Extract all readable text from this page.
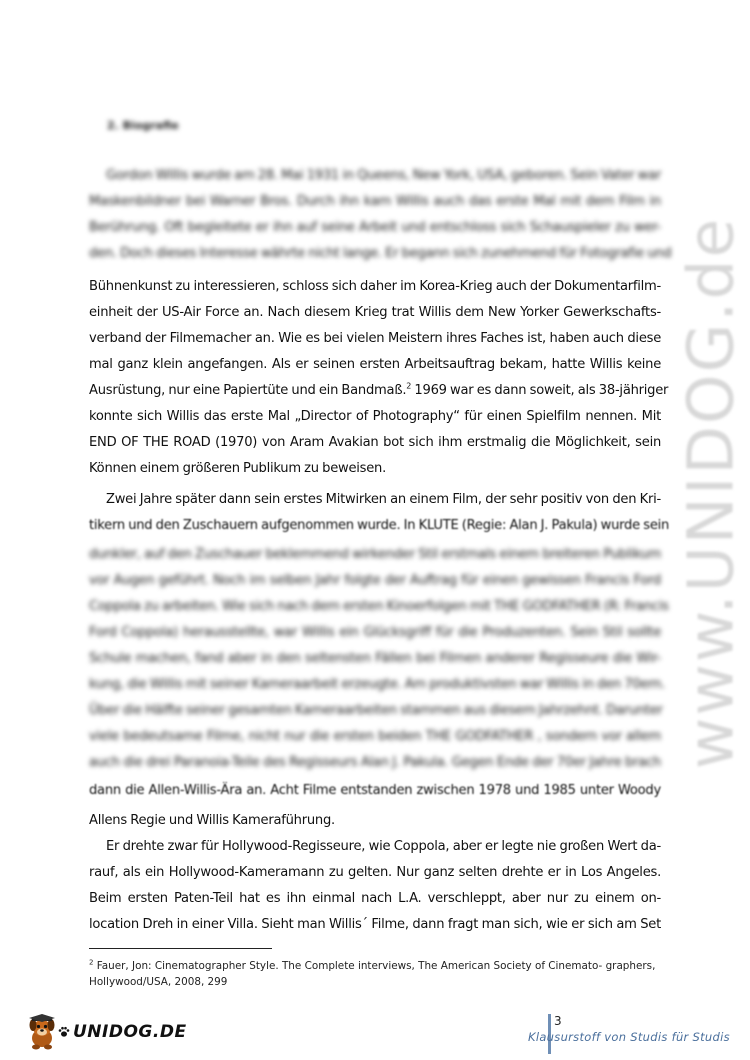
2. Biografie
Gordon Willis wurde am 28. Mai 1931 in Queens, New York, USA, geboren. Sein Vater war
Maskenbildner bei Warner Bros. Durch ihn kam Willis auch das erste Mal mit dem Film in
Berührung. Oft begleitete er ihn auf seine Arbeit und entschloss sich Schauspieler zu wer-
den. Doch dieses Interesse währte nicht lange. Er begann sich zunehmend für Fotografie und
Bühnenkunst zu interessieren, schloss sich daher im Korea-Krieg auch der Dokumentarfilm-
einheit der US-Air Force an. Nach diesem Krieg trat Willis dem New Yorker Gewerkschafts-
verband der Filmemacher an. Wie es bei vielen Meistern ihres Faches ist, haben auch diese
mal ganz klein angefangen. Als er seinen ersten Arbeitsauftrag bekam, hatte Willis keine
Ausrüstung, nur eine Papiertüte und ein Bandmaß.$^2$ 1969 war es dann soweit, als 38-jähriger
konnte sich Willis das erste Mal „Director of Photography“ für einen Spielfilm nennen. Mit
END OF THE ROAD (1970) von Aram Avakian bot sich ihm erstmalig die Möglichkeit, sein
Können einem größeren Publikum zu beweisen.
Zwei Jahre später dann sein erstes Mitwirken an einem Film, der sehr positiv von den Kri-
tikern und den Zuschauern aufgenommen wurde. In KLUTE (Regie: Alan J. Pakula) wurde sein
dunkler, auf den Zuschauer beklemmend wirkender Stil erstmals einem breiteren Publikum
vor Augen geführt. Noch im selben Jahr folgte der Auftrag für einen gewissen Francis Ford
Coppola zu arbeiten. Wie sich nach dem ersten Kinoerfolgen mit THE GODFATHER (R: Francis
Ford Coppola) herausstellte, war Willis ein Glücksgriff für die Produzenten. Sein Stil sollte
Schule machen, fand aber in den seltensten Fällen bei Filmen anderer Regisseure die Wir-
kung, die Willis mit seiner Kameraarbeit erzeugte. Am produktivsten war Willis in den 70ern.
Über die Hälfte seiner gesamten Kameraarbeiten stammen aus diesem Jahrzehnt. Darunter
viele bedeutsame Filme, nicht nur die ersten beiden THE GODFATHER , sondern vor allem
auch die drei Paranoia-Teile des Regisseurs Alan J. Pakula. Gegen Ende der 70er Jahre brach
dann die Allen-Willis-Ära an. Acht Filme entstanden zwischen 1978 und 1985 unter Woody
Allens Regie und Willis Kameraführung.
Er drehte zwar für Hollywood-Regisseure, wie Coppola, aber er legte nie großen Wert da-
rauf, als ein Hollywood-Kameramann zu gelten. Nur ganz selten drehte er in Los Angeles.
Beim ersten Paten-Teil hat es ihn einmal nach L.A. verschleppt, aber nur zu einem on-
location Dreh in einer Villa. Sieht man Willis´ Filme, dann fragt man sich, wie er sich am Set
www.UNIDOG.de
$^2$ Fauer, Jon: Cinematographer Style. The Complete interviews, The American Society of Cinemato- graphers, Hollywood/USA, 2008, 299
UNIDOG.DE
3
Klausurstoff von Studis für Studis
